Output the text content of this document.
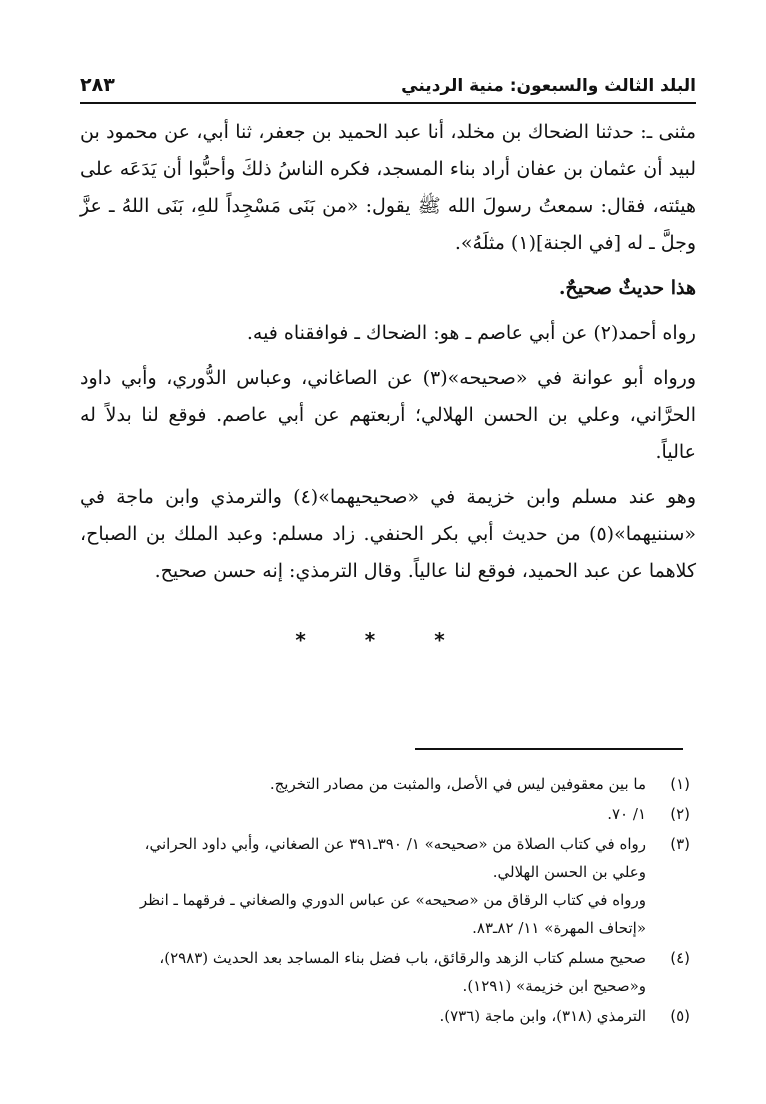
البلد الثالث والسبعون: منية الرديني
٢٨٣

مثنى ـ: حدثنا الضحاك بن مخلد، أنا عبد الحميد بن جعفر، ثنا أبي، عن محمود بن لبيد أن عثمان بن عفان أراد بناء المسجد، فكره الناسُ ذلكَ وأحبُّوا أن يَدَعَه على هيئته، فقال: سمعتُ رسولَ الله ﷺ يقول: «من بَنَى مَسْجِداً للهِ، بَنَى اللهُ ـ عزَّ وجلَّ ـ له [في الجنة](١) مثلَهُ».

هذا حديثٌ صحيحٌ.

رواه أحمد(٢) عن أبي عاصم ـ هو: الضحاك ـ فوافقناه فيه.

ورواه أبو عوانة في «صحيحه»(٣) عن الصاغاني، وعباس الدُّوري، وأبي داود الحرَّاني، وعلي بن الحسن الهلالي؛ أربعتهم عن أبي عاصم. فوقع لنا بدلاً له عالياً.

وهو عند مسلم وابن خزيمة في «صحيحيهما»(٤) والترمذي وابن ماجة في «سننيهما»(٥) من حديث أبي بكر الحنفي. زاد مسلم: وعبد الملك بن الصباح، كلاهما عن عبد الحميد، فوقع لنا عالياً. وقال الترمذي: إنه حسن صحيح.

* * *
(١)
ما بين معقوفين ليس في الأصل، والمثبت من مصادر التخريج.
(٢)
١/ ٧٠.
(٣)
رواه في كتاب الصلاة من «صحيحه» ١/ ٣٩٠ـ٣٩١ عن الصغاني، وأبي داود الحراني،
وعلي بن الحسن الهلالي.
ورواه في كتاب الرقاق من «صحيحه» عن عباس الدوري والصغاني ـ فرقهما ـ انظر
«إتحاف المهرة» ١١/ ٨٢ـ٨٣.
(٤)
صحيح مسلم كتاب الزهد والرقائق، باب فضل بناء المساجد بعد الحديث (٢٩٨٣)،
و«صحيح ابن خزيمة» (١٢٩١).
(٥)
الترمذي (٣١٨)، وابن ماجة (٧٣٦).
